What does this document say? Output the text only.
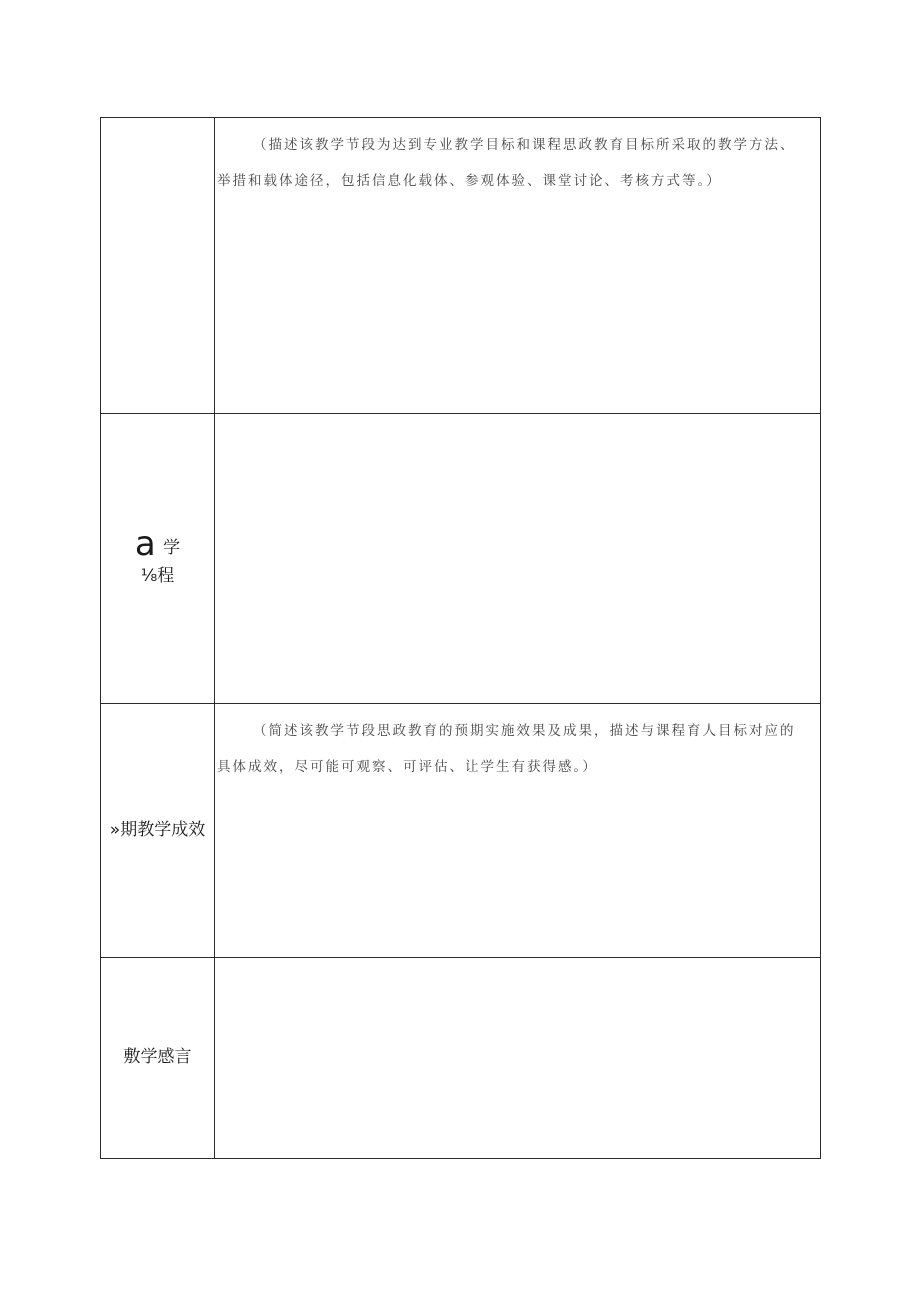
	（描述该教学节段为达到专业教学目标和课程思政教育目标所采取的教学方法、
举措和载体途径，包括信息化载体、参观体验、课堂讨论、考核方式等。）

a 学
⅛程	

»期教学成效	（简述该教学节段思政教育的预期实施效果及成果，描述与课程育人目标对应的
具体成效，尽可能可观察、可评估、让学生有获得感。）

敷学感言	
